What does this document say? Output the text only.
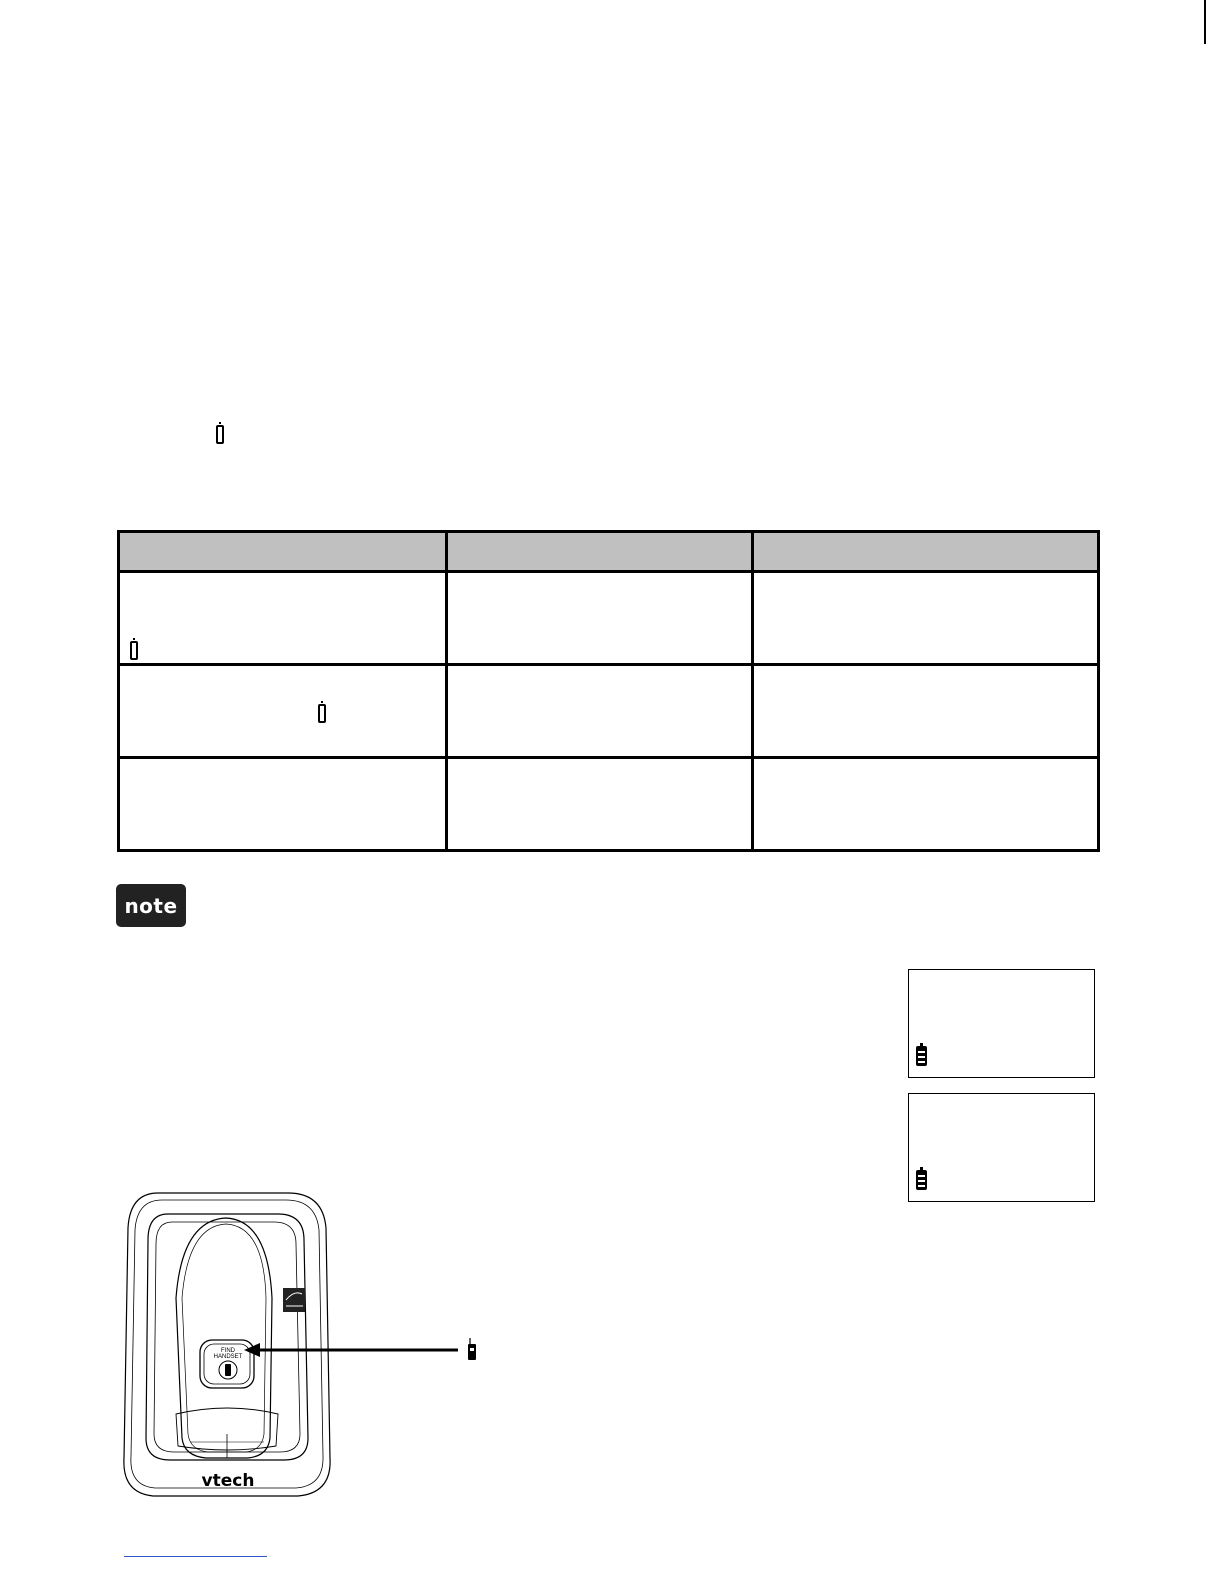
note
FIND
HANDSET
vtech
